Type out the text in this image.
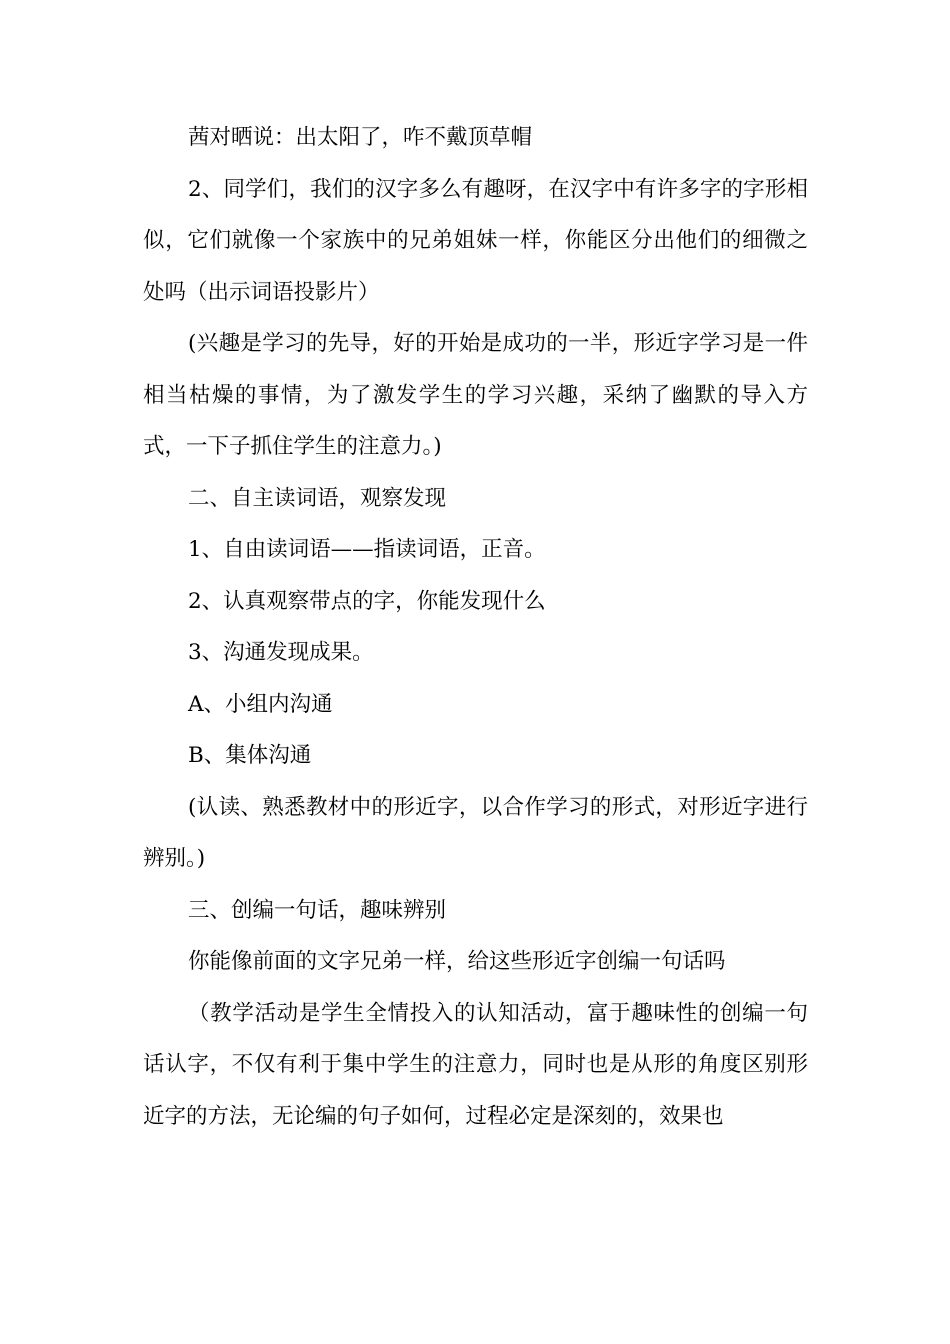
茜对晒说：出太阳了，咋不戴顶草帽

2、同学们，我们的汉字多么有趣呀，在汉字中有许多字的字形相似，它们就像一个家族中的兄弟姐妹一样，你能区分出他们的细微之处吗（出示词语投影片）

(兴趣是学习的先导，好的开始是成功的一半，形近字学习是一件相当枯燥的事情，为了激发学生的学习兴趣，采纳了幽默的导入方式，一下子抓住学生的注意力。)

二、自主读词语，观察发现

1、自由读词语——指读词语，正音。

2、认真观察带点的字，你能发现什么

3、沟通发现成果。

A、小组内沟通

B、集体沟通

(认读、熟悉教材中的形近字，以合作学习的形式，对形近字进行辨别。)

三、创编一句话，趣味辨别

你能像前面的文字兄弟一样，给这些形近字创编一句话吗

（教学活动是学生全情投入的认知活动，富于趣味性的创编一句话认字，不仅有利于集中学生的注意力，同时也是从形的角度区别形近字的方法，无论编的句子如何，过程必定是深刻的，效果也
